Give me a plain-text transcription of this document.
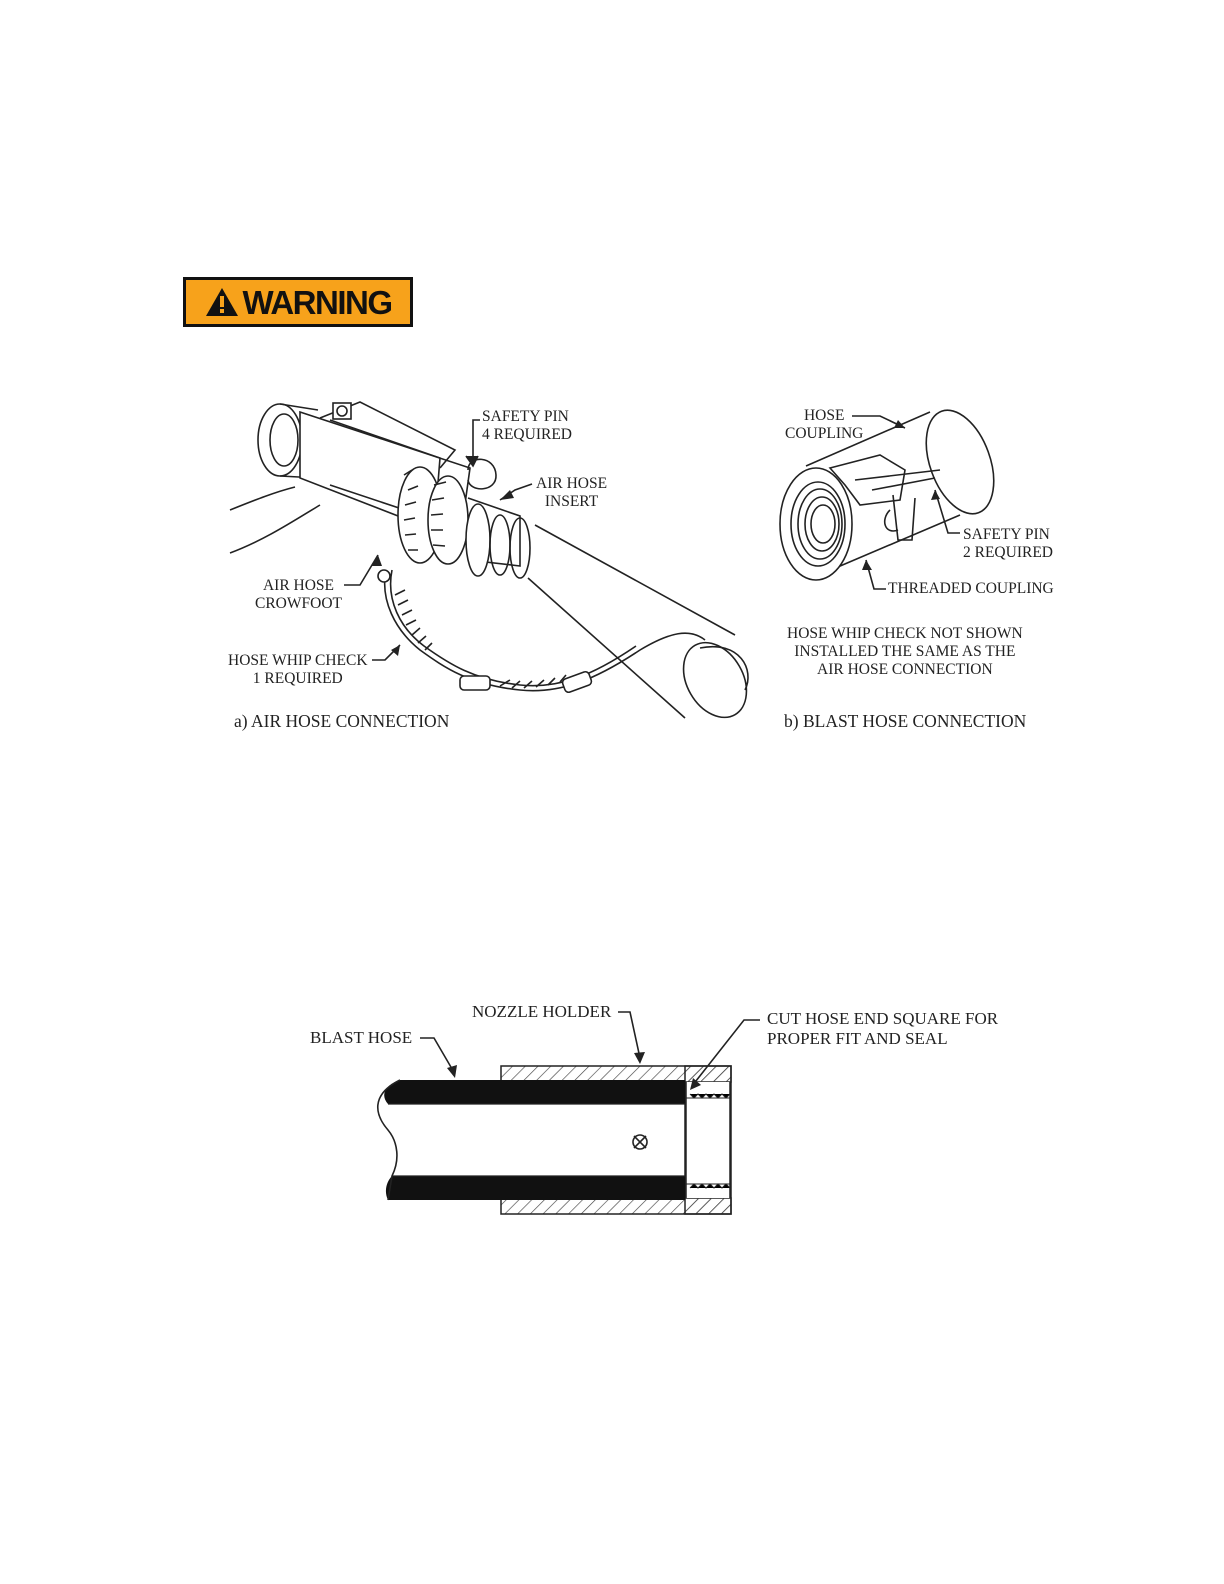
WARNING
SAFETY PIN
4 REQUIRED
AIR HOSE
INSERT
AIR HOSE
CROWFOOT
HOSE WHIP CHECK
1 REQUIRED
a) AIR HOSE CONNECTION
HOSE
COUPLING
SAFETY PIN
2 REQUIRED
THREADED COUPLING
HOSE WHIP CHECK NOT SHOWN
INSTALLED THE SAME AS THE
AIR HOSE CONNECTION
b) BLAST HOSE CONNECTION
BLAST HOSE
NOZZLE HOLDER	CUT HOSE END SQUARE FOR
PROPER FIT AND SEAL
